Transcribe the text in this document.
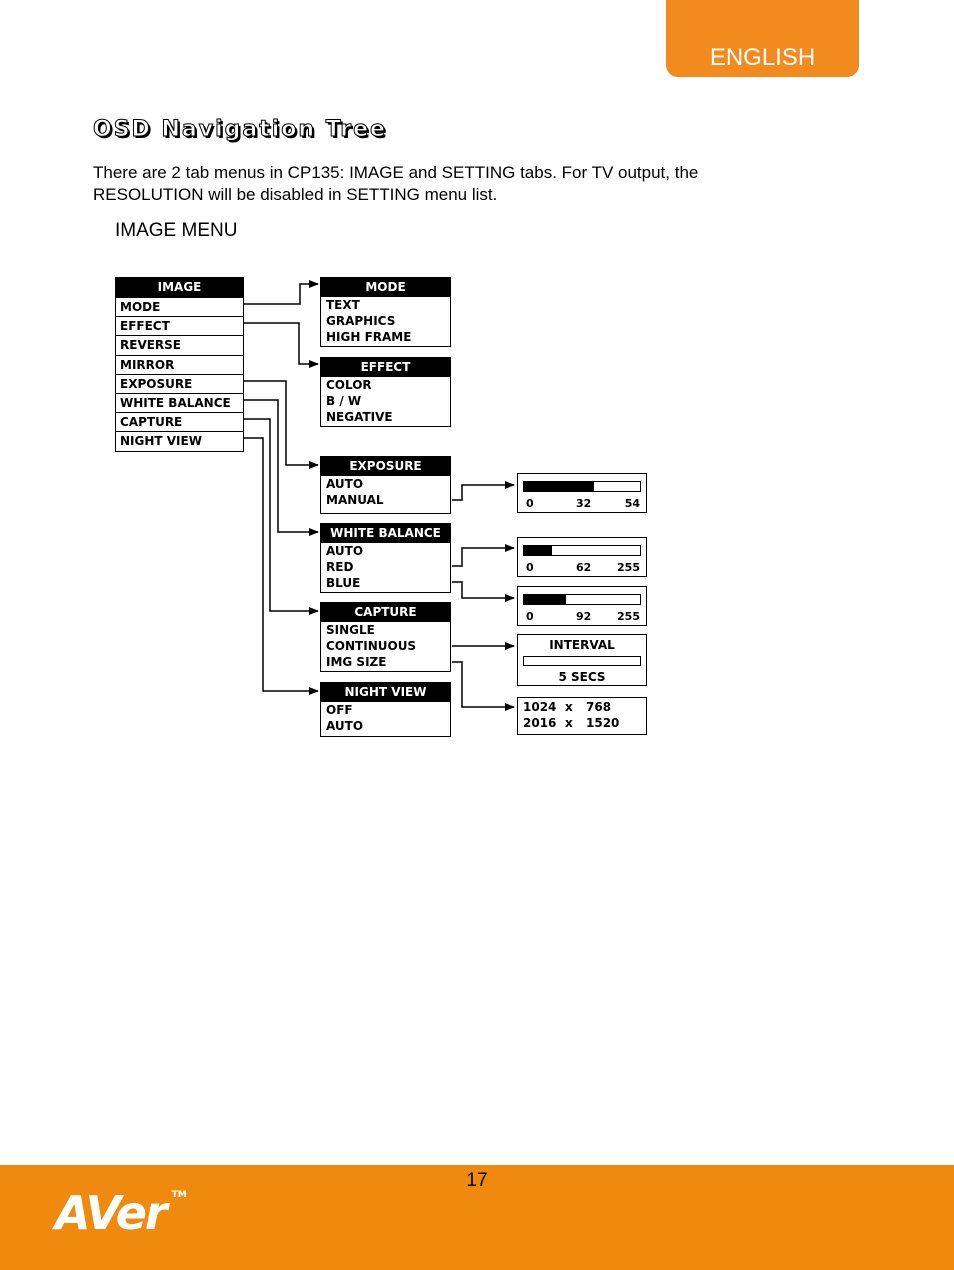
ENGLISH
OSD Navigation Tree

There are 2 tab menus in CP135: IMAGE and SETTING tabs. For TV output, the RESOLUTION will be disabled in SETTING menu list.

IMAGE MENU
IMAGE
MODE
EFFECT
REVERSE
MIRROR
EXPOSURE
WHITE BALANCE
CAPTURE
NIGHT VIEW
MODE
TEXT
GRAPHICS
HIGH FRAME
EFFECT
COLOR
B / W
NEGATIVE
EXPOSURE
AUTO
MANUAL
WHITE BALANCE
AUTO
RED
BLUE
CAPTURE
SINGLE
CONTINUOUS
IMG SIZE
NIGHT VIEW
OFF
AUTO
0	32	54
0	62 255
0	92 255
INTERVAL
5 SECS
1024 x 768
2016 x 1520
17
AVer ™
